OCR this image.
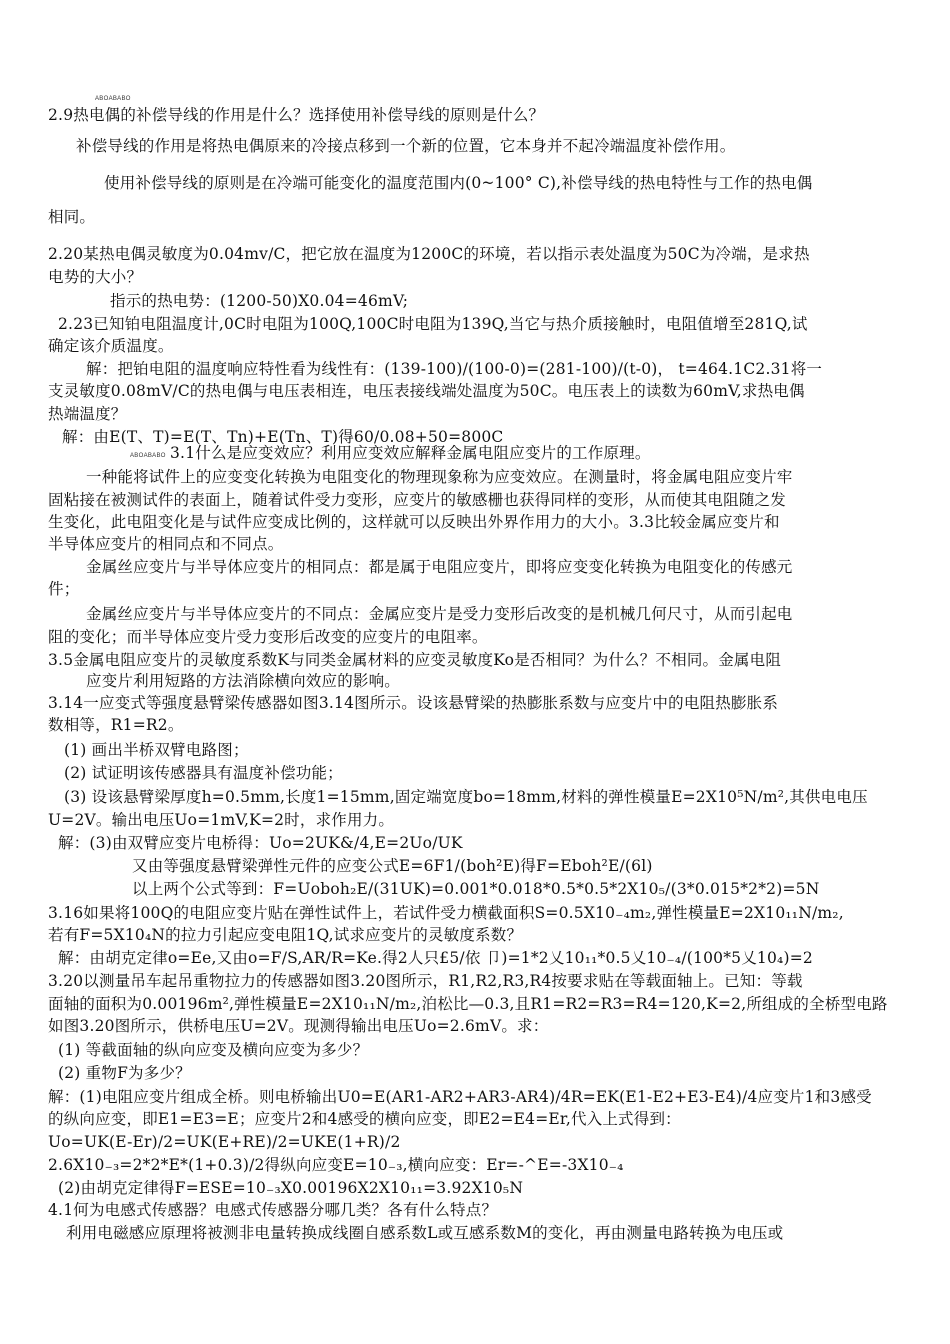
ABOABABO
ABOABABO
2.9热电偶的补偿导线的作用是什么？选择使用补偿导线的原则是什么？
补偿导线的作用是将热电偶原来的冷接点移到一个新的位置，它本身并不起冷端温度补偿作用。
使用补偿导线的原则是在冷端可能变化的温度范围内(0~100° C),补偿导线的热电特性与工作的热电偶
相同。
2.20某热电偶灵敏度为0.04mv/C，把它放在温度为1200C的环境，若以指示表处温度为50C为冷端，是求热
电势的大小？
指示的热电势：(1200-50)X0.04=46mV;
2.23已知铂电阻温度计,0C时电阻为100Q,100C时电阻为139Q,当它与热介质接触时，电阻值增至281Q,试
确定该介质温度。
解：把铂电阻的温度响应特性看为线性有：(139-100)/(100-0)=(281-100)/(t-0)， t=464.1C2.31将一
支灵敏度0.08mV/C的热电偶与电压表相连，电压表接线端处温度为50C。电压表上的读数为60mV,求热电偶
热端温度？
解：由E(T、T)=E(T、Tn)+E(Tn、T)得60/0.08+50=800C
3.1什么是应变效应？利用应变效应解释金属电阻应变片的工作原理。
一种能将试件上的应变变化转换为电阻变化的物理现象称为应变效应。在测量时，将金属电阻应变片牢
固粘接在被测试件的表面上，随着试件受力变形，应变片的敏感栅也获得同样的变形，从而使其电阻随之发
生变化，此电阻变化是与试件应变成比例的，这样就可以反映出外界作用力的大小。3.3比较金属应变片和
半导体应变片的相同点和不同点。
金属丝应变片与半导体应变片的相同点：都是属于电阻应变片，即将应变变化转换为电阻变化的传感元
件；
金属丝应变片与半导体应变片的不同点：金属应变片是受力变形后改变的是机械几何尺寸，从而引起电
阻的变化；而半导体应变片受力变形后改变的应变片的电阻率。
3.5金属电阻应变片的灵敏度系数K与同类金属材料的应变灵敏度Ko是否相同？为什么？不相同。金属电阻
应变片利用短路的方法消除横向效应的影响。
3.14一应变式等强度悬臂梁传感器如图3.14图所示。设该悬臂梁的热膨胀系数与应变片中的电阻热膨胀系
数相等，R1=R2。
(1) 画出半桥双臂电路图；
(2) 试证明该传感器具有温度补偿功能；
(3) 设该悬臂梁厚度h=0.5mm,长度1=15mm,固定端宽度bo=18mm,材料的弹性模量E=2X10⁵N/m²,其供电电压
U=2V。输出电压Uo=1mV,K=2时，求作用力。
解：(3)由双臂应变片电桥得：Uo=2UK&/4,E=2Uo/UK
又由等强度悬臂梁弹性元件的应变公式E=6F1/(boh²E)得F=Eboh²E/(6l)
以上两个公式等到：F=Uoboh₂E/(31UK)=0.001*0.018*0.5*0.5*2X10₅/(3*0.015*2*2)=5N
3.16如果将100Q的电阻应变片贴在弹性试件上，若试件受力横截面积S=0.5X10₋₄m₂,弹性模量E=2X10₁₁N/m₂,
若有F=5X10₄N的拉力引起应变电阻1Q,试求应变片的灵敏度系数？
解：由胡克定律o=Ee,又由o=F/S,AR/R=Ke.得2人只£5/依 卩)=1*2乂10₁₁*0.5乂10₋₄/(100*5乂10₄)=2
3.20以测量吊车起吊重物拉力的传感器如图3.20图所示，R1,R2,R3,R4按要求贴在等载面轴上。已知：等载
面轴的面积为0.00196m²,弹性模量E=2X10₁₁N/m₂,泊松比—0.3,且R1=R2=R3=R4=120,K=2,所组成的全桥型电路
如图3.20图所示，供桥电压U=2V。现测得输出电压Uo=2.6mV。求：
(1) 等截面轴的纵向应变及横向应变为多少？
(2) 重物F为多少？
解：(1)电阻应变片组成全桥。则电桥输出U0=E(AR1-AR2+AR3-AR4)/4R=EK(E1-E2+E3-E4)/4应变片1和3感受
的纵向应变，即E1=E3=E；应变片2和4感受的横向应变，即E2=E4=Er,代入上式得到：
Uo=UK(E-Er)/2=UK(E+RE)/2=UKE(1+R)/2
2.6X10₋₃=2*2*E*(1+0.3)/2得纵向应变E=10₋₃,横向应变：Er=-^E=-3X10₋₄
(2)由胡克定律得F=ESE=10₋₃X0.00196X2X10₁₁=3.92X10₅N
4.1何为电感式传感器？电感式传感器分哪几类？各有什么特点？
利用电磁感应原理将被测非电量转换成线圈自感系数L或互感系数M的变化，再由测量电路转换为电压或
